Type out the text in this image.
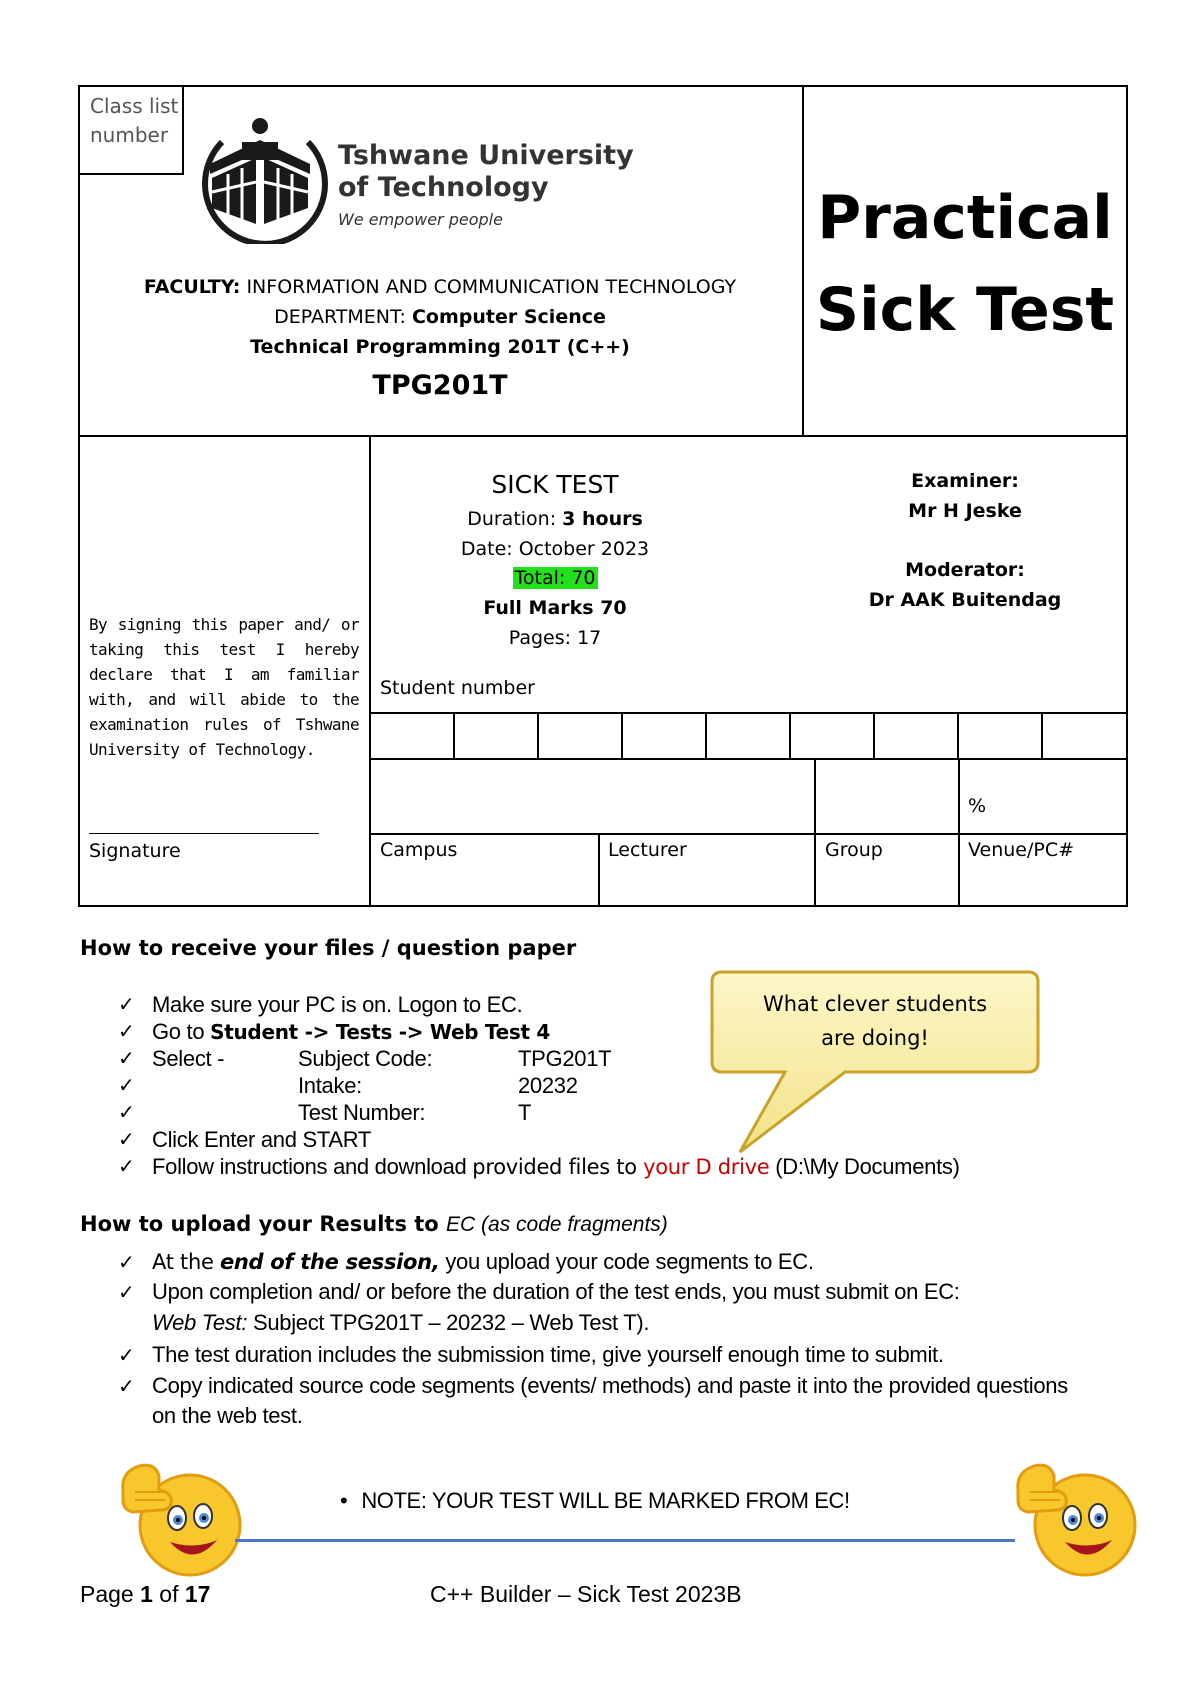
Class list number
Tshwane University
of Technology
We empower people
FACULTY: INFORMATION AND COMMUNICATION TECHNOLOGY
DEPARTMENT: Computer Science
Technical Programming 201T (C++)
TPG201T
Practical
Sick Test
By signing this paper and/ or taking this test I hereby declare that I am familiar with, and will abide to the examination rules of Tshwane University of Technology.
Signature
SICK TEST
Duration: 3 hours
Date: October 2023
Total: 70
Full Marks 70
Pages: 17
Examiner:
Mr H Jeske
Moderator:
Dr AAK Buitendag
Student number
%
Campus	Lecturer	Group	Venue/PC#
How to receive your files / question paper
✓ Make sure your PC is on. Logon to EC.
✓ Go to Student -> Tests -> Web Test 4
✓ Select -	Subject Code:	TPG201T
✓	Intake:	20232
✓	Test Number:	T
✓ Click Enter and START
✓ Follow instructions and download provided files to your D drive (D:\My Documents)
What clever students
are doing!
How to upload your Results to EC (as code fragments)
✓ At the end of the session, you upload your code segments to EC.
✓ Upon completion and/ or before the duration of the test ends, you must submit on EC:
Web Test: Subject TPG201T – 20232 – Web Test T).
✓ The test duration includes the submission time, give yourself enough time to submit.
✓ Copy indicated source code segments (events/ methods) and paste it into the provided questions
on the web test.
• NOTE: YOUR TEST WILL BE MARKED FROM EC!
Page 1 of 17	C++ Builder – Sick Test 2023B
